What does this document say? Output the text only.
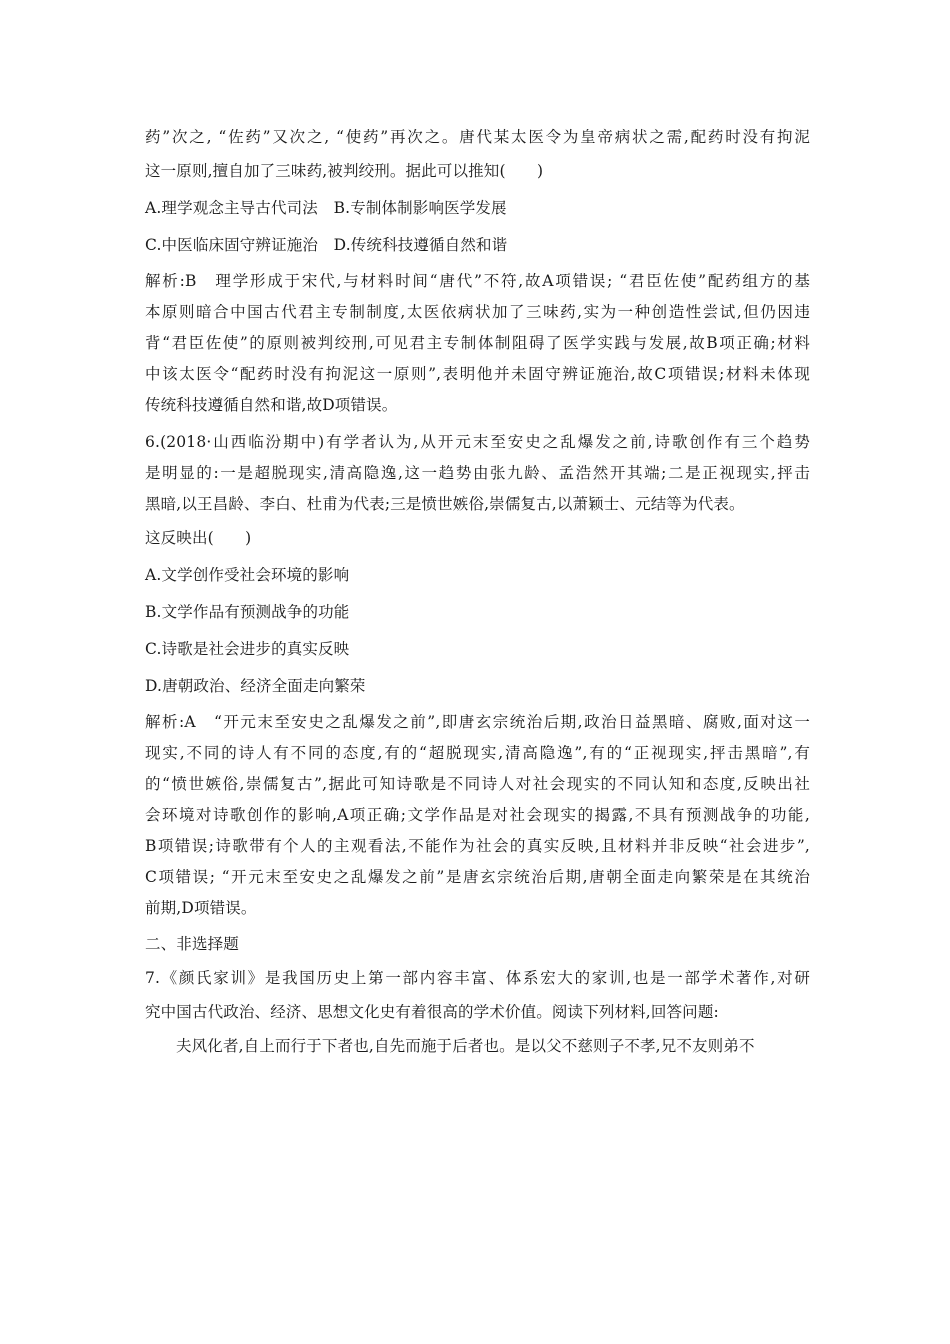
药”次之, “佐药”又次之, “使药”再次之。唐代某太医令为皇帝病状之需,配药时没有拘泥
这一原则,擅自加了三味药,被判绞刑。据此可以推知(　　)
A.理学观念主导古代司法　B.专制体制影响医学发展
C.中医临床固守辨证施治　D.传统科技遵循自然和谐
解析:B　理学形成于宋代,与材料时间“唐代”不符,故A项错误; “君臣佐使”配药组方的基
本原则暗合中国古代君主专制制度,太医依病状加了三味药,实为一种创造性尝试,但仍因违
背“君臣佐使”的原则被判绞刑,可见君主专制体制阻碍了医学实践与发展,故B项正确;材料
中该太医令“配药时没有拘泥这一原则”,表明他并未固守辨证施治,故C项错误;材料未体现
传统科技遵循自然和谐,故D项错误。
6.(2018·山西临汾期中)有学者认为,从开元末至安史之乱爆发之前,诗歌创作有三个趋势
是明显的:一是超脱现实,清高隐逸,这一趋势由张九龄、孟浩然开其端;二是正视现实,抨击
黑暗,以王昌龄、李白、杜甫为代表;三是愤世嫉俗,崇儒复古,以萧颖士、元结等为代表。
这反映出(　　)
A.文学创作受社会环境的影响
B.文学作品有预测战争的功能
C.诗歌是社会进步的真实反映
D.唐朝政治、经济全面走向繁荣
解析:A　“开元末至安史之乱爆发之前”,即唐玄宗统治后期,政治日益黑暗、腐败,面对这一
现实,不同的诗人有不同的态度,有的“超脱现实,清高隐逸”,有的“正视现实,抨击黑暗”,有
的“愤世嫉俗,崇儒复古”,据此可知诗歌是不同诗人对社会现实的不同认知和态度,反映出社
会环境对诗歌创作的影响,A项正确;文学作品是对社会现实的揭露,不具有预测战争的功能,
B项错误;诗歌带有个人的主观看法,不能作为社会的真实反映,且材料并非反映“社会进步”,
C项错误; “开元末至安史之乱爆发之前”是唐玄宗统治后期,唐朝全面走向繁荣是在其统治
前期,D项错误。
二、非选择题
7.《颜氏家训》是我国历史上第一部内容丰富、体系宏大的家训,也是一部学术著作,对研
究中国古代政治、经济、思想文化史有着很高的学术价值。阅读下列材料,回答问题:
夫风化者,自上而行于下者也,自先而施于后者也。是以父不慈则子不孝,兄不友则弟不
